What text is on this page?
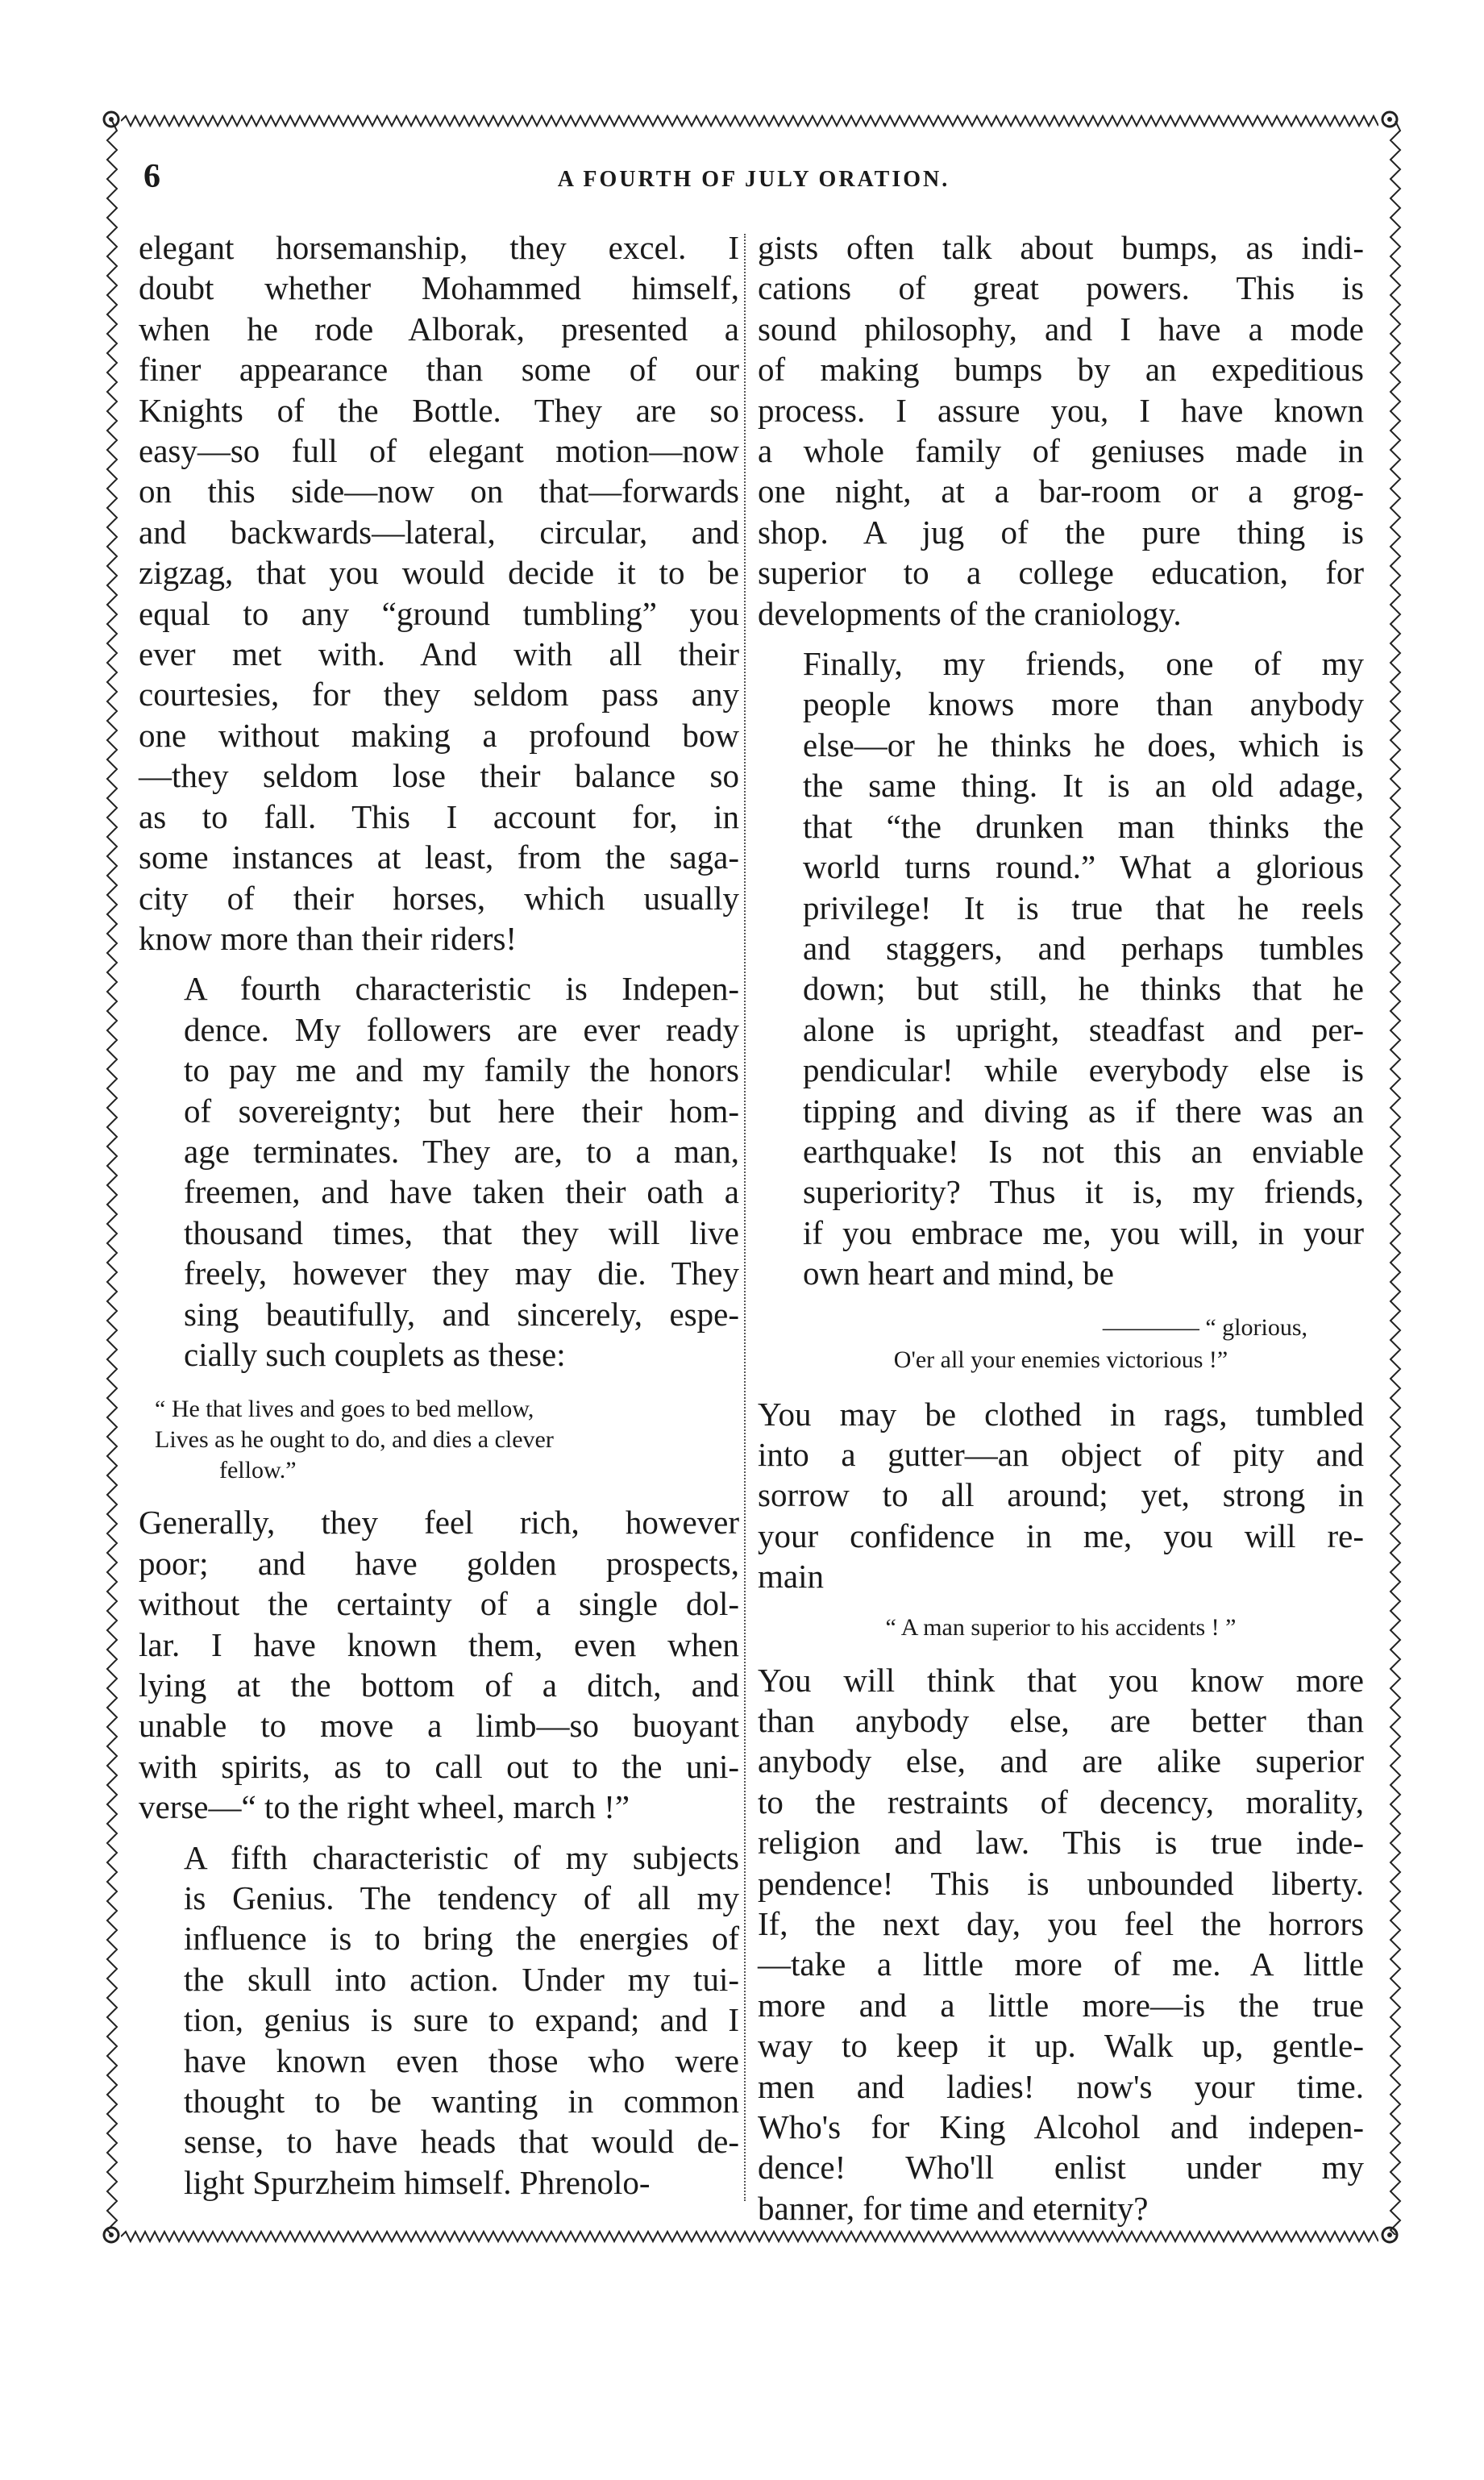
6	A FOURTH OF JULY ORATION.

elegant horsemanship, they excel. I
doubt whether Mohammed himself,
when he rode Alborak, presented a
finer appearance than some of our
Knights of the Bottle. They are so
easy—so full of elegant motion—now
on this side—now on that—forwards
and backwards—lateral, circular, and
zigzag, that you would decide it to be
equal to any “ground tumbling” you
ever met with. And with all their
courtesies, for they seldom pass any
one without making a profound bow
—they seldom lose their balance so
as to fall. This I account for, in
some instances at least, from the saga-
city of their horses, which usually
know more than their riders!

A fourth characteristic is Indepen-
dence. My followers are ever ready
to pay me and my family the honors
of sovereignty; but here their hom-
age terminates. They are, to a man,
freemen, and have taken their oath a
thousand times, that they will live
freely, however they may die. They
sing beautifully, and sincerely, espe-
cially such couplets as these:

“ He that lives and goes to bed mellow,
Lives as he ought to do, and dies a clever
fellow.”

Generally, they feel rich, however
poor; and have golden prospects,
without the certainty of a single dol-
lar. I have known them, even when
lying at the bottom of a ditch, and
unable to move a limb—so buoyant
with spirits, as to call out to the uni-
verse—“ to the right wheel, march !”

A fifth characteristic of my subjects
is Genius. The tendency of all my
influence is to bring the energies of
the skull into action. Under my tui-
tion, genius is sure to expand; and I
have known even those who were
thought to be wanting in common
sense, to have heads that would de-
light Spurzheim himself. Phrenolo-

gists often talk about bumps, as indi-
cations of great powers. This is
sound philosophy, and I have a mode
of making bumps by an expeditious
process. I assure you, I have known
a whole family of geniuses made in
one night, at a bar-room or a grog-
shop. A jug of the pure thing is
superior to a college education, for
developments of the craniology.

Finally, my friends, one of my
people knows more than anybody
else—or he thinks he does, which is
the same thing. It is an old adage,
that “the drunken man thinks the
world turns round.” What a glorious
privilege! It is true that he reels
and staggers, and perhaps tumbles
down; but still, he thinks that he
alone is upright, steadfast and per-
pendicular! while everybody else is
tipping and diving as if there was an
earthquake! Is not this an enviable
superiority? Thus it is, my friends,
if you embrace me, you will, in your
own heart and mind, be

———— “ glorious,
O'er all your enemies victorious !”

You may be clothed in rags, tumbled
into a gutter—an object of pity and
sorrow to all around; yet, strong in
your confidence in me, you will re-
main

“ A man superior to his accidents ! ”

You will think that you know more
than anybody else, are better than
anybody else, and are alike superior
to the restraints of decency, morality,
religion and law. This is true inde-
pendence! This is unbounded liberty.
If, the next day, you feel the horrors
—take a little more of me. A little
more and a little more—is the true
way to keep it up. Walk up, gentle-
men and ladies! now's your time.
Who's for King Alcohol and indepen-
dence! Who'll enlist under my
banner, for time and eternity?
